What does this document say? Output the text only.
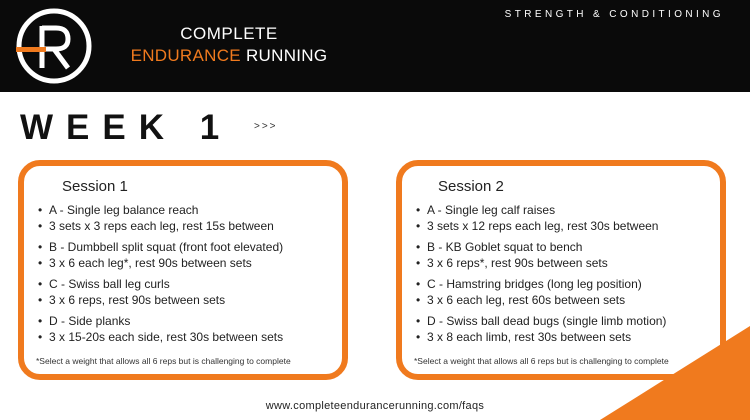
COMPLETE
ENDURANCE RUNNING
STRENGTH & CONDITIONING
WEEK 1 >>>
Session 1
• A - Single leg balance reach
• 3 sets x 3 reps each leg, rest 15s between
• B - Dumbbell split squat (front foot elevated)
• 3 x 6 each leg*, rest 90s between sets
• C - Swiss ball leg curls
• 3 x 6 reps, rest 90s between sets
• D - Side planks
• 3 x 15-20s each side, rest 30s between sets
*Select a weight that allows all 6 reps but is challenging to complete
Session 2
• A - Single leg calf raises
• 3 sets x 12 reps each leg, rest 30s between
• B - KB Goblet squat to bench
• 3 x 6 reps*, rest 90s between sets
• C - Hamstring bridges (long leg position)
• 3 x 6 each leg, rest 60s between sets
• D - Swiss ball dead bugs (single limb motion)
• 3 x 8 each limb, rest 30s between sets
*Select a weight that allows all 6 reps but is challenging to complete
www.completeendurancerunning.com/faqs
